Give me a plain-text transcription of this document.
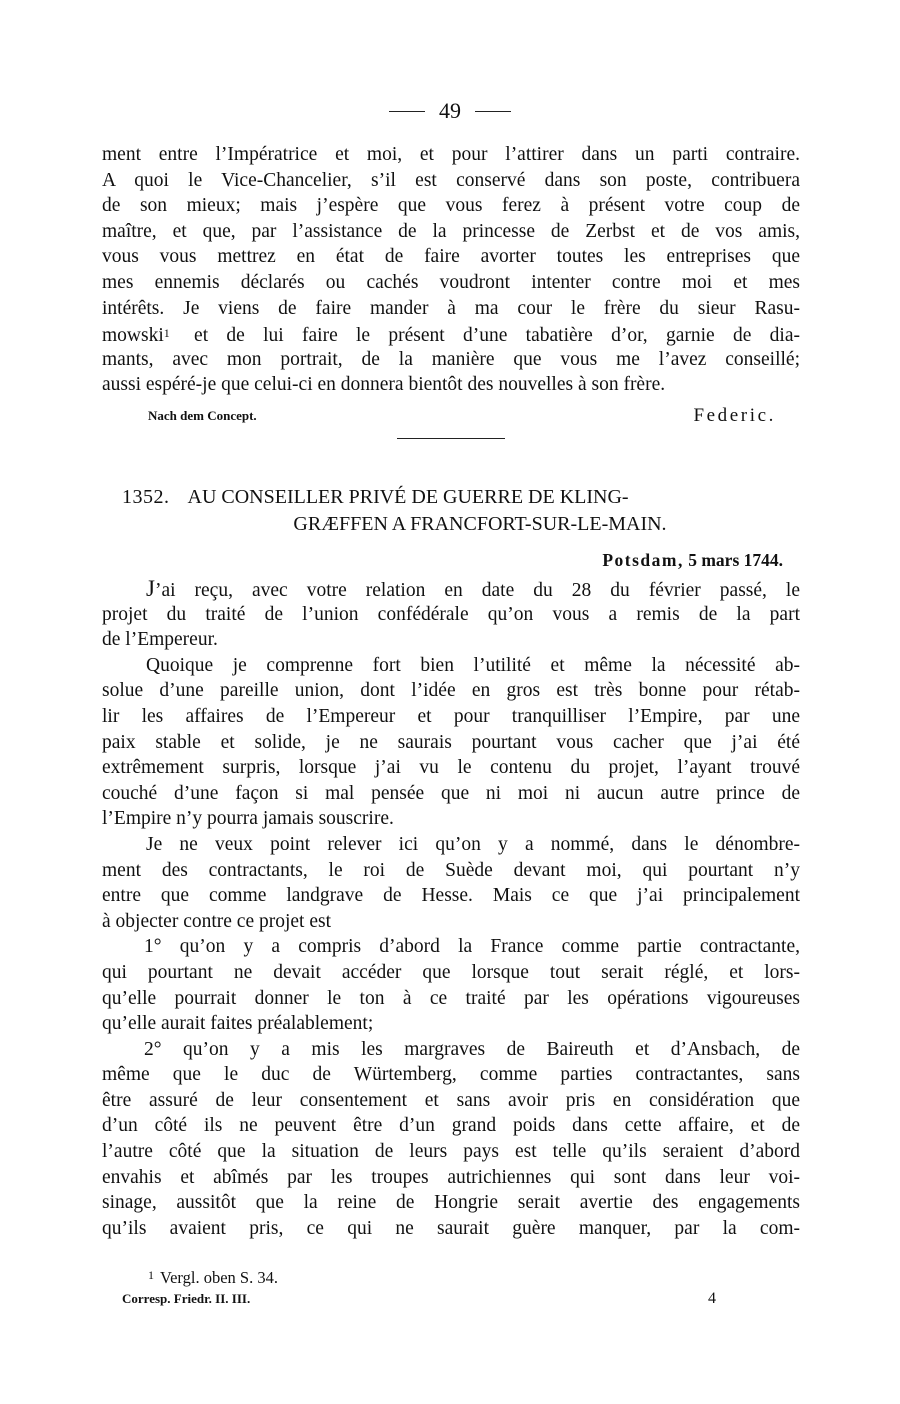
49
ment entre l’Impératrice et moi, et pour l’attirer dans un parti contraire.
A quoi le Vice-Chancelier, s’il est conservé dans son poste, contribuera
de son mieux; mais j’espère que vous ferez à présent votre coup de
maître, et que, par l’assistance de la princesse de Zerbst et de vos amis,
vous vous mettrez en état de faire avorter toutes les entreprises que
mes ennemis déclarés ou cachés voudront intenter contre moi et mes
intérêts. Je viens de faire mander à ma cour le frère du sieur Rasu-
mowski$^1$ et de lui faire le présent d’une tabatière d’or, garnie de dia-
mants, avec mon portrait, de la manière que vous me l’avez conseillé;
aussi espéré-je que celui-ci en donnera bientôt des nouvelles à son frère.
Nach dem Concept.	Federic.
1352. AU CONSEILLER PRIVÉ DE GUERRE DE KLING-
GRÆFFEN A FRANCFORT-SUR-LE-MAIN.
Potsdam, 5 mars 1744.
J’ai reçu, avec votre relation en date du 28 du février passé, le
projet du traité de l’union confédérale qu’on vous a remis de la part
de l’Empereur.
Quoique je comprenne fort bien l’utilité et même la nécessité ab-
solue d’une pareille union, dont l’idée en gros est très bonne pour rétab-
lir les affaires de l’Empereur et pour tranquilliser l’Empire, par une
paix stable et solide, je ne saurais pourtant vous cacher que j’ai été
extrêmement surpris, lorsque j’ai vu le contenu du projet, l’ayant trouvé
couché d’une façon si mal pensée que ni moi ni aucun autre prince de
l’Empire n’y pourra jamais souscrire.
Je ne veux point relever ici qu’on y a nommé, dans le dénombre-
ment des contractants, le roi de Suède devant moi, qui pourtant n’y
entre que comme landgrave de Hesse. Mais ce que j’ai principalement
à objecter contre ce projet est
1° qu’on y a compris d’abord la France comme partie contractante,
qui pourtant ne devait accéder que lorsque tout serait réglé, et lors-
qu’elle pourrait donner le ton à ce traité par les opérations vigoureuses
qu’elle aurait faites préalablement;
2° qu’on y a mis les margraves de Baireuth et d’Ansbach, de
même que le duc de Würtemberg, comme parties contractantes, sans
être assuré de leur consentement et sans avoir pris en considération que
d’un côté ils ne peuvent être d’un grand poids dans cette affaire, et de
l’autre côté que la situation de leurs pays est telle qu’ils seraient d’abord
envahis et abîmés par les troupes autrichiennes qui sont dans leur voi-
sinage, aussitôt que la reine de Hongrie serait avertie des engagements
qu’ils avaient pris, ce qui ne saurait guère manquer, par la com-
$^1$ Vergl. oben S. 34.
Corresp. Friedr. II. III.	4
